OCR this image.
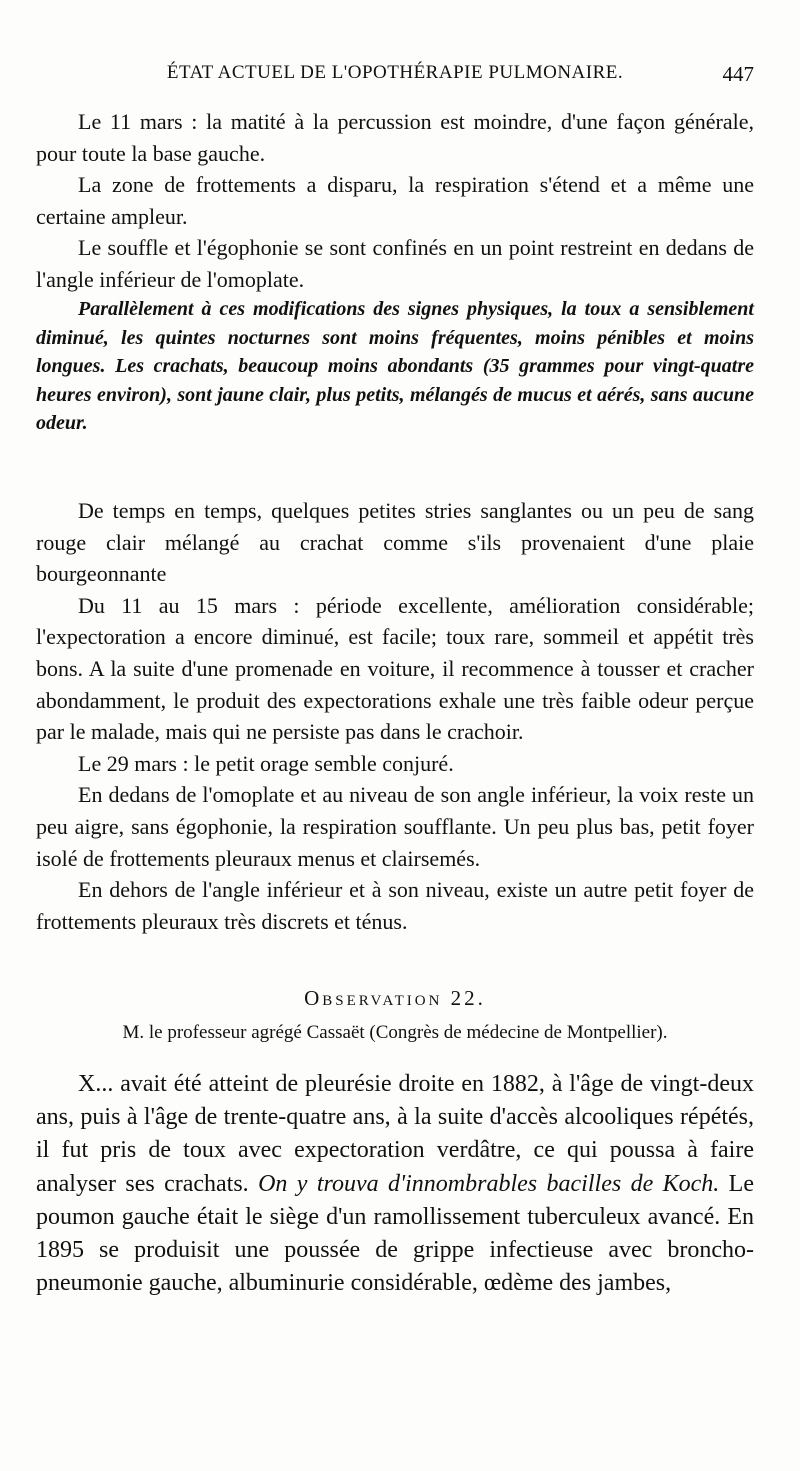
ÉTAT ACTUEL DE L'OPOTHÉRAPIE PULMONAIRE.	447

Le 11 mars : la matité à la percussion est moindre, d'une façon générale, pour toute la base gauche.

La zone de frottements a disparu, la respiration s'étend et a même une certaine ampleur.

Le souffle et l'égophonie se sont confinés en un point restreint en dedans de l'angle inférieur de l'omoplate.

Parallèlement à ces modifications des signes physiques, la toux a sensiblement diminué, les quintes nocturnes sont moins fréquentes, moins pénibles et moins longues. Les crachats, beaucoup moins abondants (35 grammes pour vingt-quatre heures environ), sont jaune clair, plus petits, mélangés de mucus et aérés, sans aucune odeur.

De temps en temps, quelques petites stries sanglantes ou un peu de sang rouge clair mélangé au crachat comme s'ils provenaient d'une plaie bourgeonnante

Du 11 au 15 mars : période excellente, amélioration considérable; l'expectoration a encore diminué, est facile; toux rare, sommeil et appétit très bons. A la suite d'une promenade en voiture, il recommence à tousser et cracher abondamment, le produit des expectorations exhale une très faible odeur perçue par le malade, mais qui ne persiste pas dans le crachoir.

Le 29 mars : le petit orage semble conjuré.

En dedans de l'omoplate et au niveau de son angle inférieur, la voix reste un peu aigre, sans égophonie, la respiration soufflante. Un peu plus bas, petit foyer isolé de frottements pleuraux menus et clairsemés.

En dehors de l'angle inférieur et à son niveau, existe un autre petit foyer de frottements pleuraux très discrets et ténus.

Observation 22.
M. le professeur agrégé Cassaët (Congrès de médecine de Montpellier).

X... avait été atteint de pleurésie droite en 1882, à l'âge de vingt-deux ans, puis à l'âge de trente-quatre ans, à la suite d'accès alcooliques répétés, il fut pris de toux avec expectoration verdâtre, ce qui poussa à faire analyser ses crachats. On y trouva d'innombrables bacilles de Koch. Le poumon gauche était le siège d'un ramollissement tuberculeux avancé. En 1895 se produisit une poussée de grippe infectieuse avec broncho-pneumonie gauche, albuminurie considérable, œdème des jambes,
